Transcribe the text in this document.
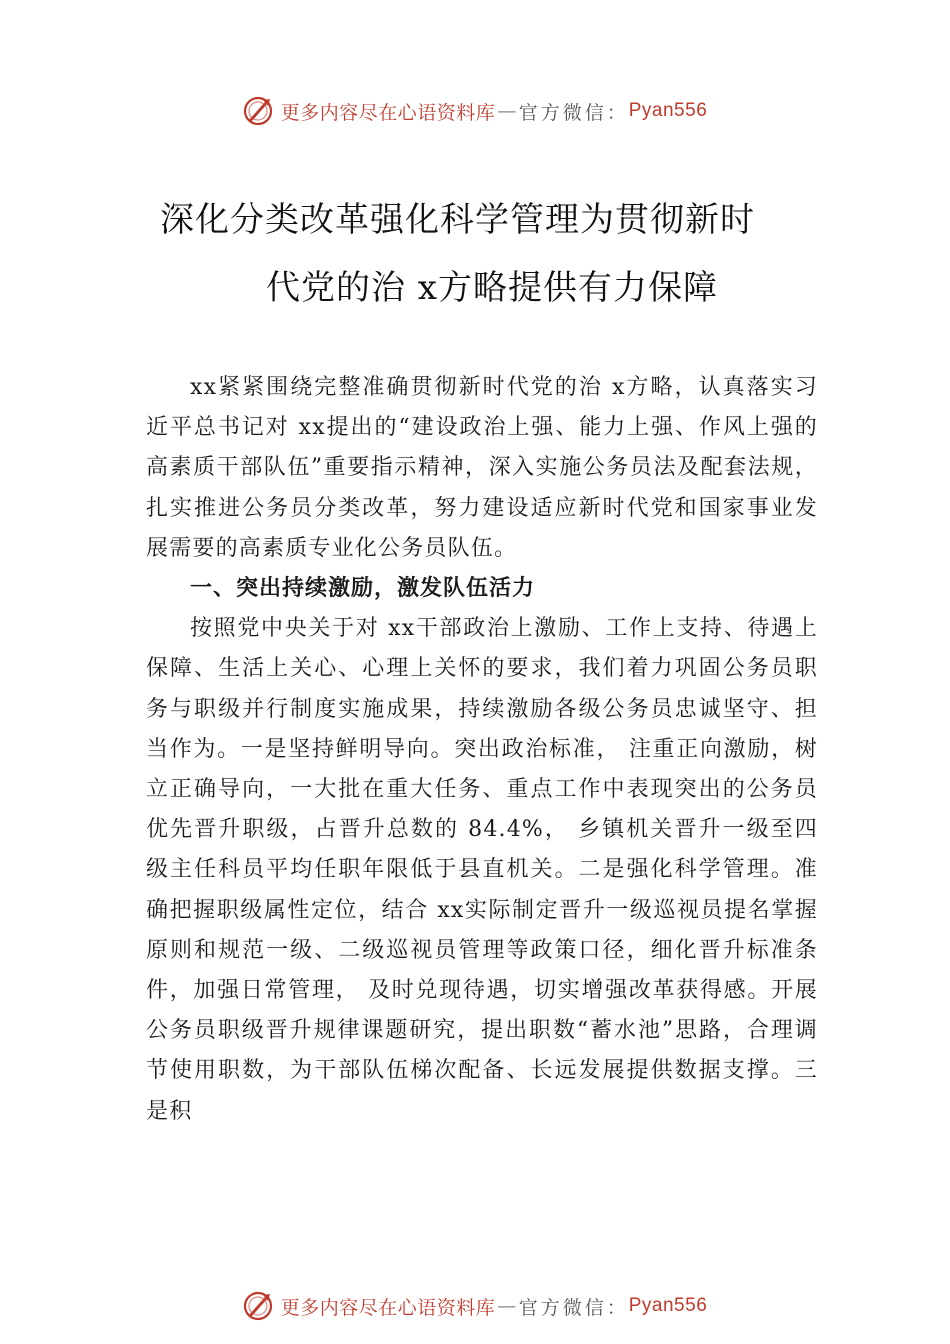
更多内容尽在心语资料库 — 官方微信： Pyan556
深化分类改革强化科学管理为贯彻新时
代党的治 x方略提供有力保障

xx紧紧围绕完整准确贯彻新时代党的治 x方略，认真落实习近平总书记对 xx提出的“建设政治上强、能力上强、作风上强的高素质干部队伍”重要指示精神，深入实施公务员法及配套法规，扎实推进公务员分类改革，努力建设适应新时代党和国家事业发展需要的高素质专业化公务员队伍。

一、突出持续激励，激发队伍活力

按照党中央关于对 xx干部政治上激励、工作上支持、待遇上保障、生活上关心、心理上关怀的要求，我们着力巩固公务员职务与职级并行制度实施成果，持续激励各级公务员忠诚坚守、担当作为。一是坚持鲜明导向。突出政治标准， 注重正向激励，树立正确导向，一大批在重大任务、重点工作中表现突出的公务员优先晋升职级，占晋升总数的 84.4%， 乡镇机关晋升一级至四级主任科员平均任职年限低于县直机关。二是强化科学管理。准确把握职级属性定位，结合 xx实际制定晋升一级巡视员提名掌握原则和规范一级、二级巡视员管理等政策口径，细化晋升标准条件，加强日常管理， 及时兑现待遇，切实增强改革获得感。开展公务员职级晋升规律课题研究，提出职数“蓄水池”思路，合理调节使用职数，为干部队伍梯次配备、长远发展提供数据支撑。三是积

更多内容尽在心语资料库 — 官方微信： Pyan556
